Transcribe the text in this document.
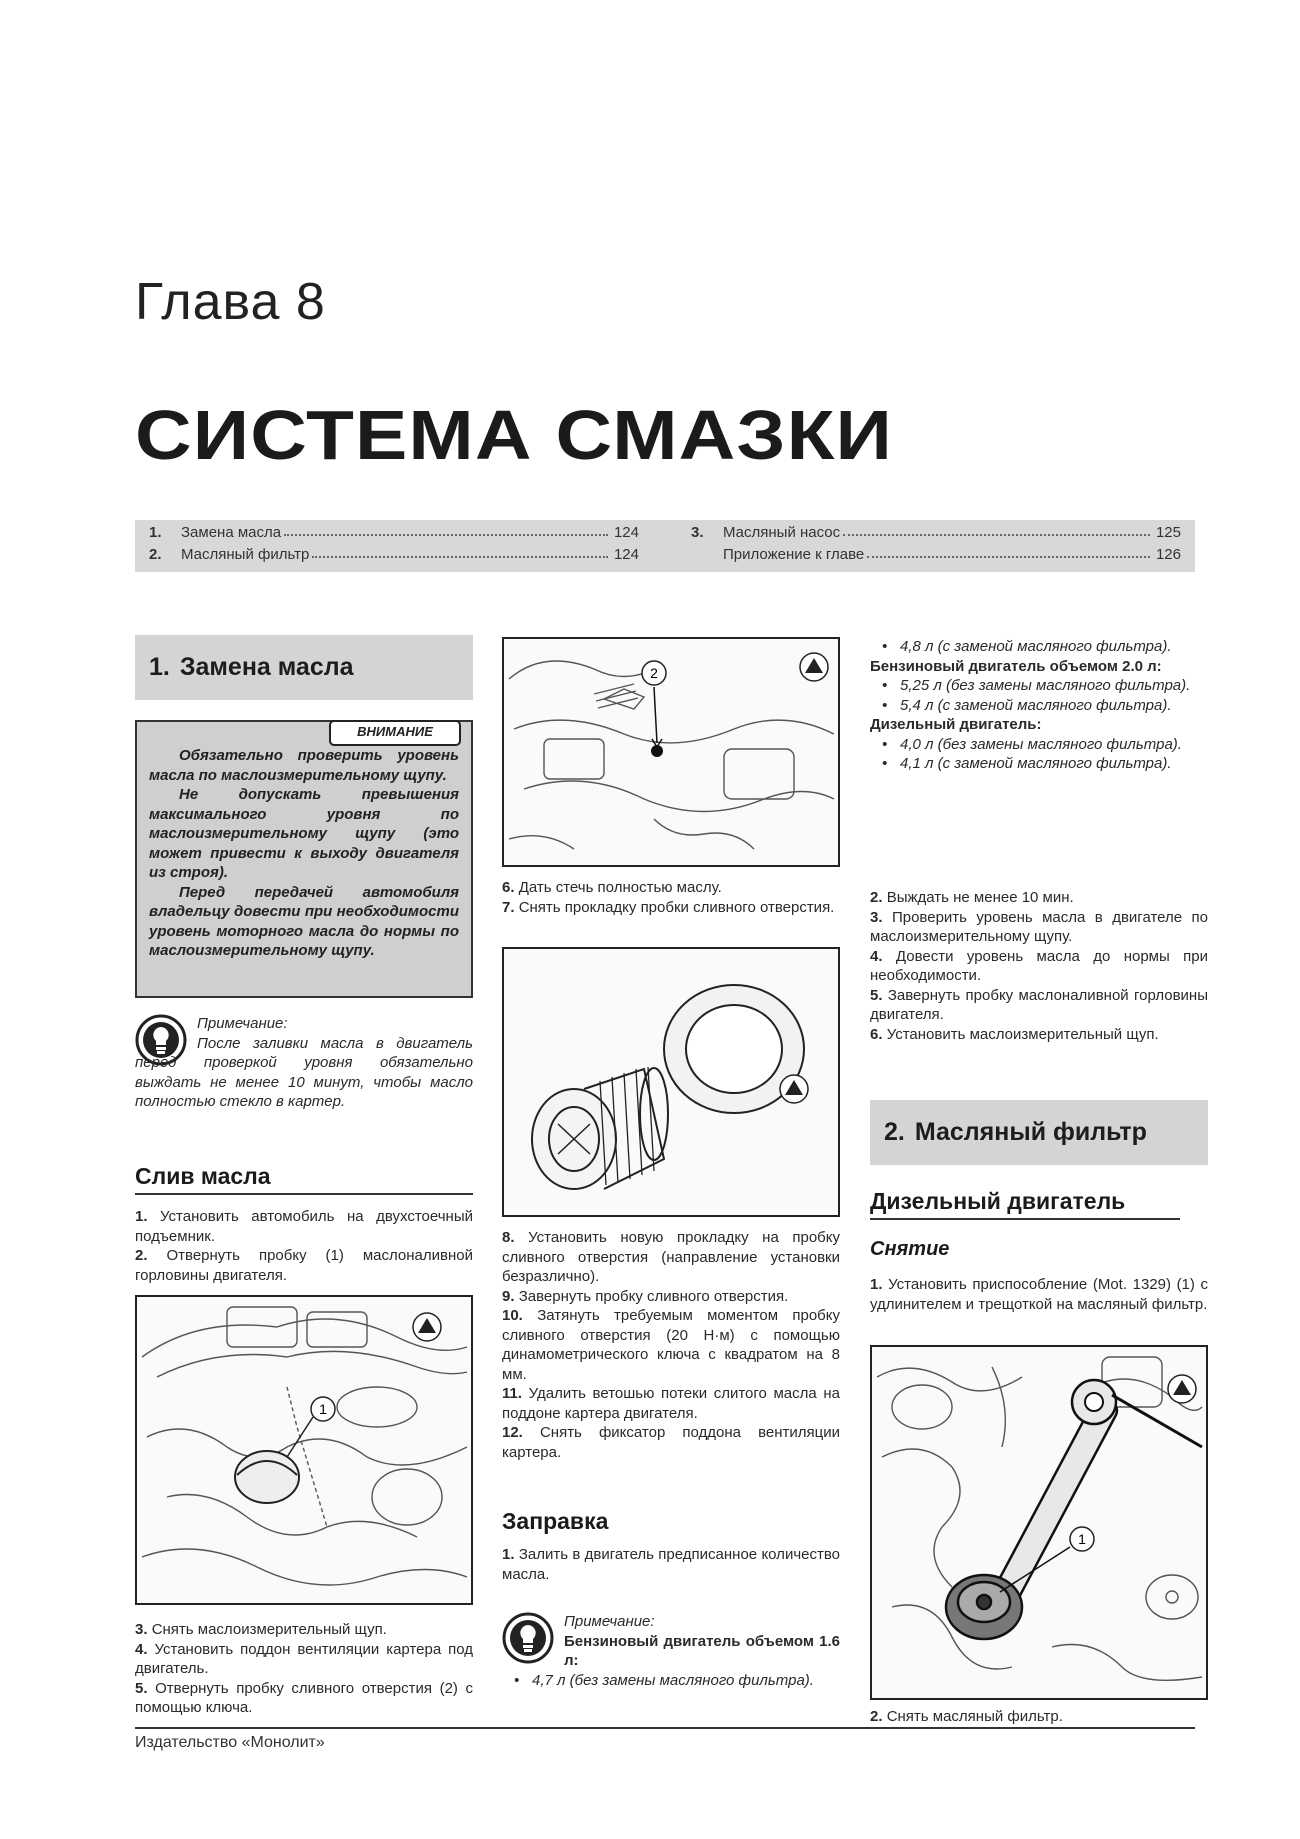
Глава 8
СИСТЕМА СМАЗКИ
1.	Замена масла	124
2.	Масляный фильтр	124
3.	Масляный насос	125
Приложение к главе	126
1. Замена масла
ВНИМАНИЕ

Обязательно проверить уровень масла по маслоизмерительному щупу.

Не допускать превышения максимального уровня по маслоизмерительному щупу (это может привести к выходу двигателя из строя).

Перед передачей автомобиля владельцу довести при необходимости уровень моторного масла до нормы по маслоизмерительному щупу.

Примечание:

После заливки масла в двигатель перед проверкой уровня обязательно выждать не менее 10 минут, чтобы масло полностью стекло в картер.

Слив масла

1. Установить автомобиль на двухстоечный подъемник.

2. Отвернуть пробку (1) маслоналивной горловины двигателя.

1

3. Снять маслоизмерительный щуп.

4. Установить поддон вентиляции картера под двигатель.

5. Отвернуть пробку сливного отверстия (2) с помощью ключа.

2

6. Дать стечь полностью маслу.

7. Снять прокладку пробки сливного отверстия.

8. Установить новую прокладку на пробку сливного отверстия (направление установки безразлично).

9. Завернуть пробку сливного отверстия.

10. Затянуть требуемым моментом пробку сливного отверстия (20 Н·м) с помощью динамометрического ключа с квадратом на 8 мм.

11. Удалить ветошью потеки слитого масла на поддоне картера двигателя.

12. Снять фиксатор поддона вентиляции картера.

Заправка

1. Залить в двигатель предписанное количество масла.

Примечание:

Бензиновый двигатель объемом 1.6 л:

• 4,7 л (без замены масляного фильтра).
• 4,8 л (с заменой масляного фильтра).

Бензиновый двигатель объемом 2.0 л:

• 5,25 л (без замены масляного фильтра).
• 5,4 л (с заменой масляного фильтра).

Дизельный двигатель:

• 4,0 л (без замены масляного фильтра).
• 4,1 л (с заменой масляного фильтра).

2. Выждать не менее 10 мин.

3. Проверить уровень масла в двигателе по маслоизмерительному щупу.

4. Довести уровень масла до нормы при необходимости.

5. Завернуть пробку маслоналивной горловины двигателя.

6. Установить маслоизмерительный щуп.

2. Масляный фильтр
Дизельный двигатель
Снятие

1. Установить приспособление (Mot. 1329) (1) с удлинителем и трещоткой на масляный фильтр.

1

2. Снять масляный фильтр.

Издательство «Монолит»
